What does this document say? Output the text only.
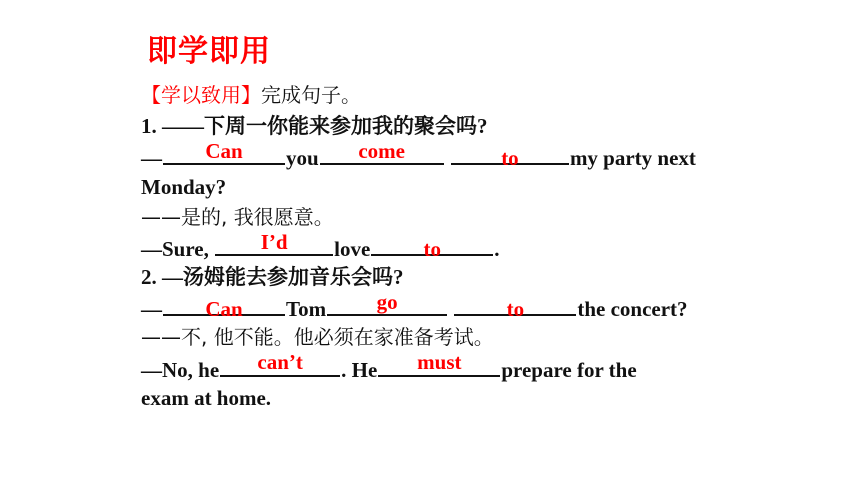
即学即用
【学以致用】完成句子。
1. ——下周一你能来参加我的聚会吗?
—	Can	you	come
	to	my party next
Monday?
——是的, 我很愿意。
—Sure,	I’d	love	to	.
2. —汤姆能去参加音乐会吗?
—	Can	Tom	go
	to	the concert?
——不, 他不能。他必须在家准备考试。
—No, he	can’t	. He	must	prepare for the
exam at home.
